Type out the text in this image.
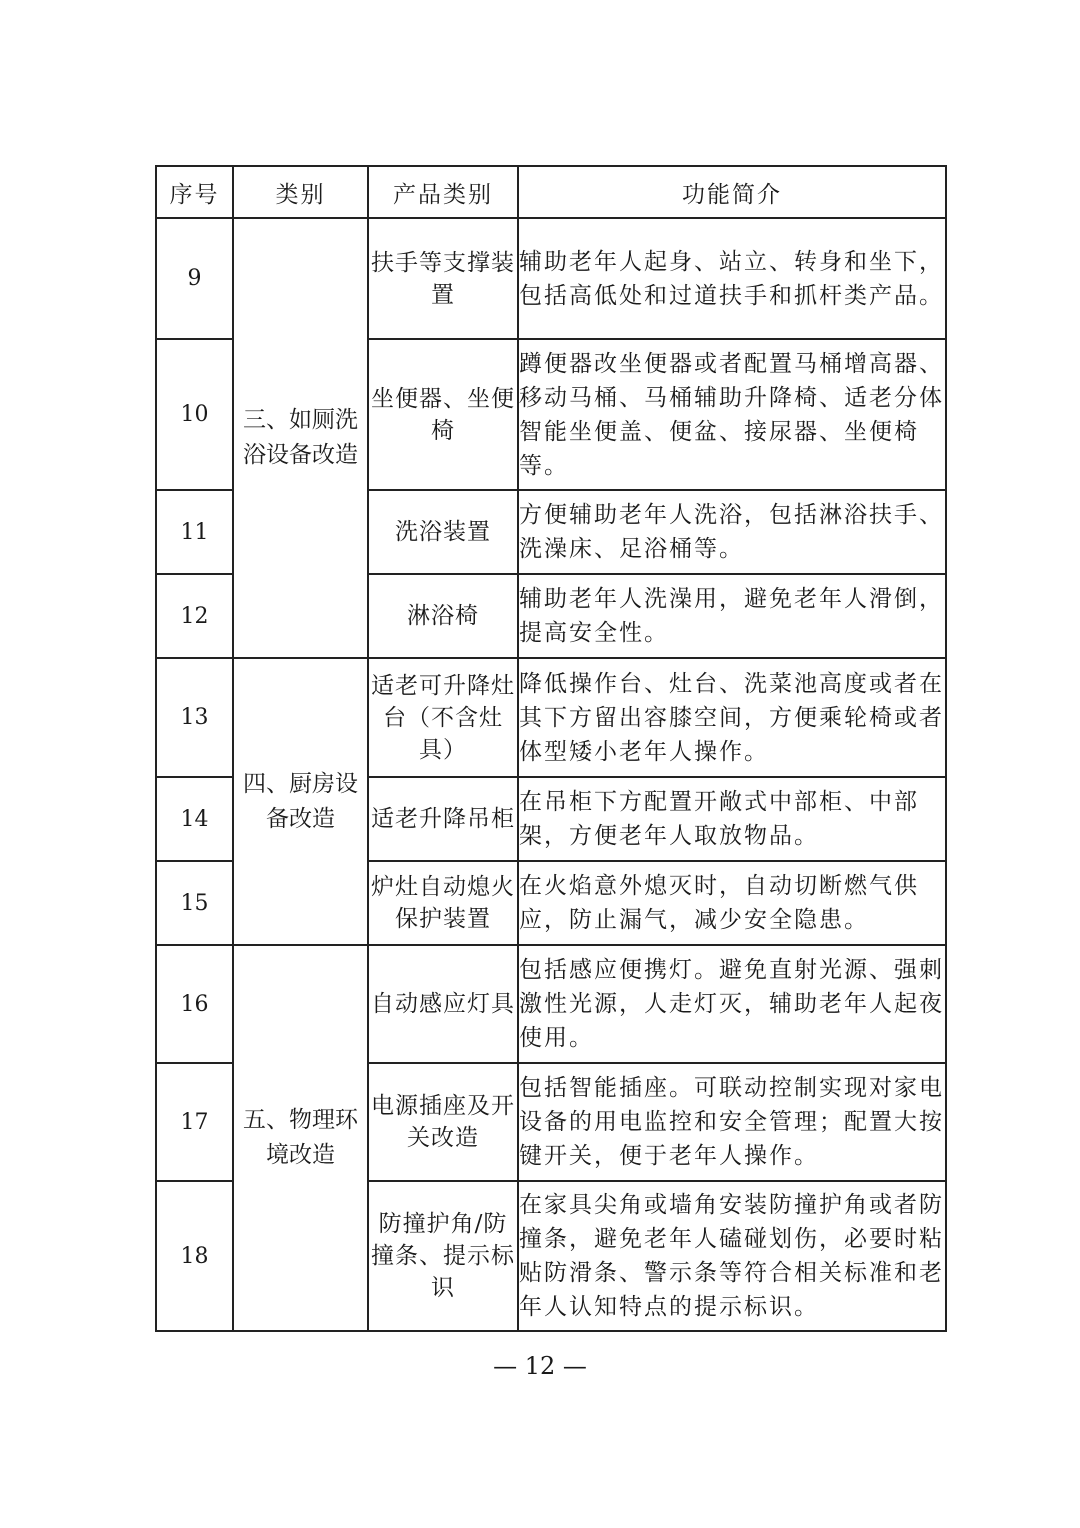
序号	类别	产品类别	功能简介
9	三、如厕洗浴设备改造	扶手等支撑装置	辅助老年人起身、站立、转身和坐下，包括高低处和过道扶手和抓杆类产品。
10		坐便器、坐便椅	蹲便器改坐便器或者配置马桶增高器、移动马桶、马桶辅助升降椅、适老分体智能坐便盖、便盆、接尿器、坐便椅等。
11		洗浴装置	方便辅助老年人洗浴，包括淋浴扶手、洗澡床、足浴桶等。
12		淋浴椅	辅助老年人洗澡用，避免老年人滑倒，提高安全性。
13	四、厨房设备改造	适老可升降灶台（不含灶具）	降低操作台、灶台、洗菜池高度或者在其下方留出容膝空间，方便乘轮椅或者体型矮小老年人操作。
14		适老升降吊柜	在吊柜下方配置开敞式中部柜、中部架，方便老年人取放物品。
15		炉灶自动熄火保护装置	在火焰意外熄灭时，自动切断燃气供应，防止漏气，减少安全隐患。
16	五、物理环境改造	自动感应灯具	包括感应便携灯。避免直射光源、强刺激性光源，人走灯灭，辅助老年人起夜使用。
17		电源插座及开关改造	包括智能插座。可联动控制实现对家电设备的用电监控和安全管理；配置大按键开关，便于老年人操作。
18		防撞护角/防撞条、提示标识	在家具尖角或墙角安装防撞护角或者防撞条，避免老年人磕碰划伤，必要时粘贴防滑条、警示条等符合相关标准和老年人认知特点的提示标识。
— 12 —
